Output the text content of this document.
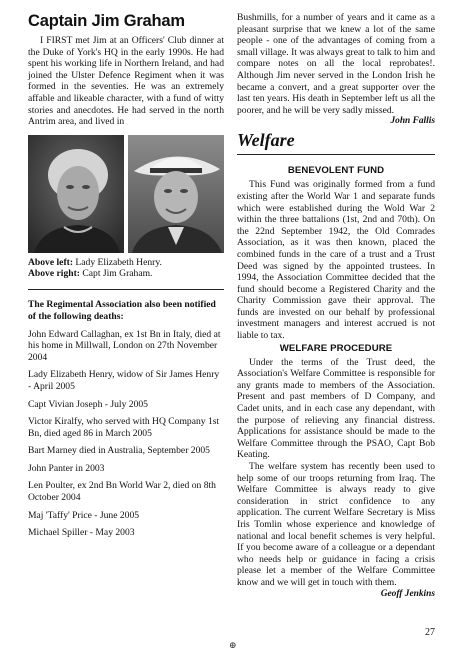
Captain Jim Graham

I FIRST met Jim at an Officers' Club dinner at the Duke of York's HQ in the early 1990s. He had spent his working life in Northern Ireland, and had joined the Ulster Defence Regiment when it was formed in the seventies. He was an extremely affable and likeable character, with a fund of witty stories and anecdotes. He had served in the north Antrim area, and lived in

Above left: Lady Elizabeth Henry.
Above right: Capt Jim Graham.

The Regimental Association also been notified of the following deaths:

John Edward Callaghan, ex 1st Bn in Italy, died at his home in Millwall, London on 27th November 2004

Lady Elizabeth Henry, widow of Sir James Henry - April 2005

Capt Vivian Joseph - July 2005

Victor Kiralfy, who served with HQ Company 1st Bn, died aged 86 in March 2005

Bart Marney died in Australia, September 2005

John Panter in 2003

Len Poulter, ex 2nd Bn World War 2, died on 8th October 2004

Maj 'Taffy' Price - June 2005

Michael Spiller - May 2003

Bushmills, for a number of years and it came as a pleasant surprise that we knew a lot of the same people - one of the advantages of coming from a small village. It was always great to talk to him and compare notes on all the local reprobates!. Although Jim never served in the London Irish he became a convert, and a great supporter over the last ten years. His death in September left us all the poorer, and he will be very sadly missed.

John Fallis

Welfare
BENEVOLENT FUND

This Fund was originally formed from a fund existing after the World War 1 and separate funds which were established during the Wold War 2 within the three battalions (1st, 2nd and 70th). On the 22nd September 1942, the Old Comrades Association, as it was then known, placed the combined funds in the care of a trust and a Trust Deed was signed by the appointed trustees. In 1994, the Association Committee decided that the fund should become a Registered Charity and the Charity Commission gave their approval. The funds are invested on our behalf by professional investment managers and interest accrued is not liable to tax.

WELFARE PROCEDURE

Under the terms of the Trust deed, the Association's Welfare Committee is responsible for any grants made to members of the Association. Present and past members of D Company, and Cadet units, and in each case any dependant, with the purpose of relieving any financial distress. Applications for assistance should be made to the Welfare Committee through the PSAO, Capt Bob Keating.

The welfare system has recently been used to help some of our troops returning from Iraq. The Welfare Committee is always ready to give consideration in strict confidence to any application. The current Welfare Secretary is Miss Iris Tomlin whose experience and knowledge of national and local benefit schemes is very helpful. If you become aware of a colleague or a dependant who needs help or guidance in facing a crisis please let a member of the Welfare Committee know and we will get in touch with them.

Geoff Jenkins

27
⊕
